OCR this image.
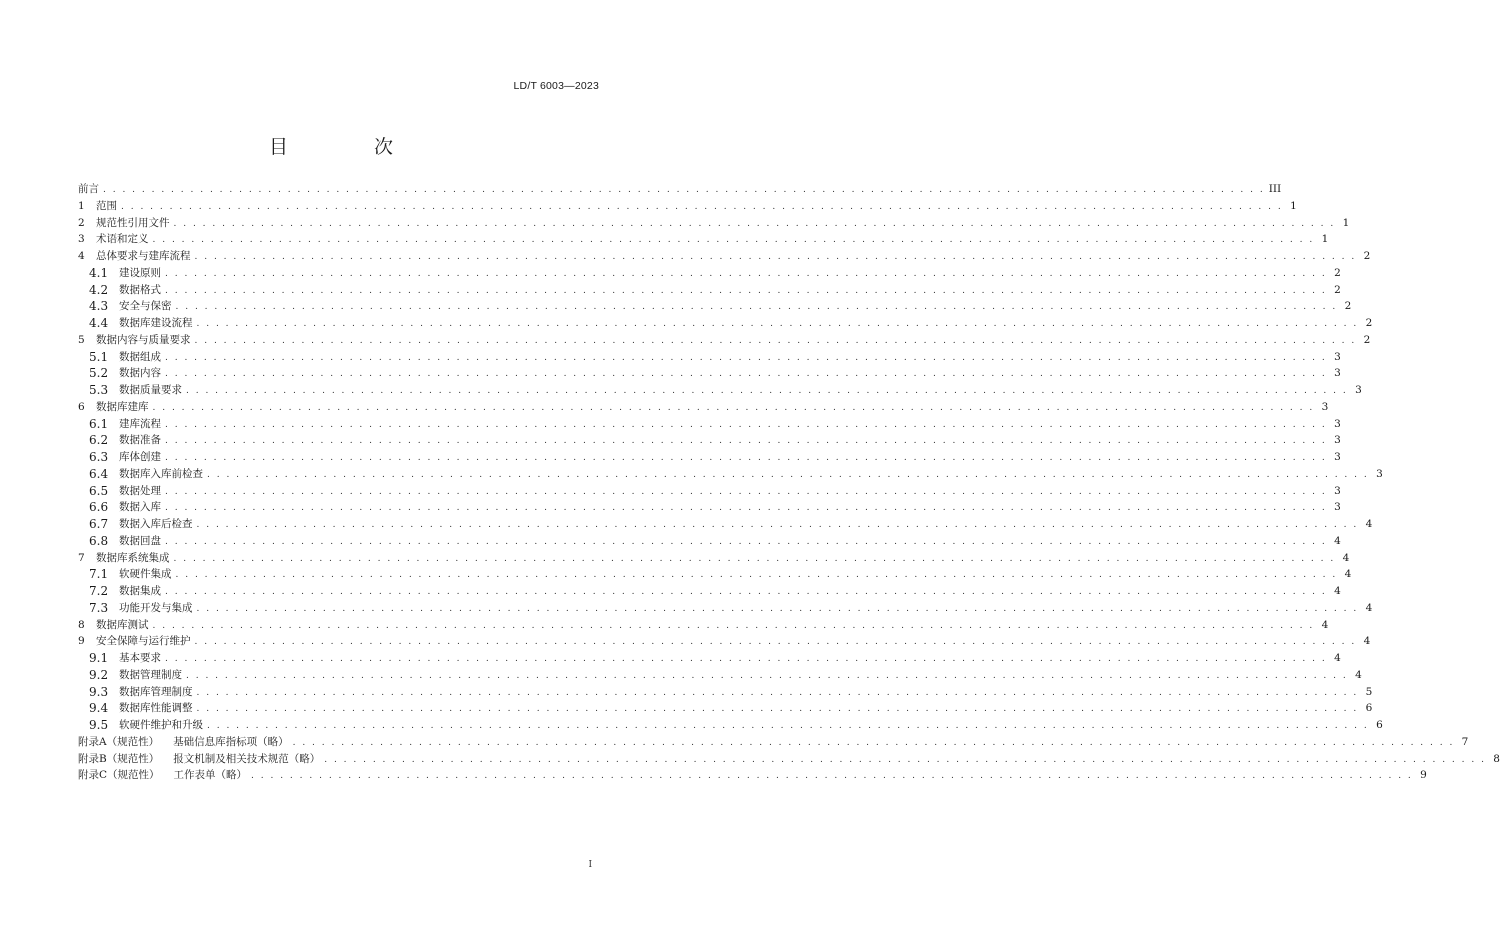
LD/T 6003—2023
目 次
前言 . . . . . . . . . . . . . . . . . . . . . . . . . . . . . . . . . . . . . . . . . . . . . . . . . . . . . . . . . . . . . . . . . . . . . . . . . . . . . . . . . . . . . . . . . . . . . . . . . . . . . . . . . . . . . . . . . . . . . . . . III
1	范围 . . . . . . . . . . . . . . . . . . . . . . . . . . . . . . . . . . . . . . . . . . . . . . . . . . . . . . . . . . . . . . . . . . . . . . . . . . . . . . . . . . . . . . . . . . . . . . . . . . . . . . . . . . . . . . . . . . . . . . . . 1
2	规范性引用文件 . . . . . . . . . . . . . . . . . . . . . . . . . . . . . . . . . . . . . . . . . . . . . . . . . . . . . . . . . . . . . . . . . . . . . . . . . . . . . . . . . . . . . . . . . . . . . . . . . . . . . . . . . . . . . . . . . . . . . . . . 1
3	术语和定义 . . . . . . . . . . . . . . . . . . . . . . . . . . . . . . . . . . . . . . . . . . . . . . . . . . . . . . . . . . . . . . . . . . . . . . . . . . . . . . . . . . . . . . . . . . . . . . . . . . . . . . . . . . . . . . . . . . . . . . . . 1
4	总体要求与建库流程 . . . . . . . . . . . . . . . . . . . . . . . . . . . . . . . . . . . . . . . . . . . . . . . . . . . . . . . . . . . . . . . . . . . . . . . . . . . . . . . . . . . . . . . . . . . . . . . . . . . . . . . . . . . . . . . . . . . . . . . . 2
4.1	建设原则 . . . . . . . . . . . . . . . . . . . . . . . . . . . . . . . . . . . . . . . . . . . . . . . . . . . . . . . . . . . . . . . . . . . . . . . . . . . . . . . . . . . . . . . . . . . . . . . . . . . . . . . . . . . . . . . . . . . . . . . . 2
4.2	数据格式 . . . . . . . . . . . . . . . . . . . . . . . . . . . . . . . . . . . . . . . . . . . . . . . . . . . . . . . . . . . . . . . . . . . . . . . . . . . . . . . . . . . . . . . . . . . . . . . . . . . . . . . . . . . . . . . . . . . . . . . . 2
4.3	安全与保密 . . . . . . . . . . . . . . . . . . . . . . . . . . . . . . . . . . . . . . . . . . . . . . . . . . . . . . . . . . . . . . . . . . . . . . . . . . . . . . . . . . . . . . . . . . . . . . . . . . . . . . . . . . . . . . . . . . . . . . . . 2
4.4	数据库建设流程 . . . . . . . . . . . . . . . . . . . . . . . . . . . . . . . . . . . . . . . . . . . . . . . . . . . . . . . . . . . . . . . . . . . . . . . . . . . . . . . . . . . . . . . . . . . . . . . . . . . . . . . . . . . . . . . . . . . . . . . . 2
5	数据内容与质量要求 . . . . . . . . . . . . . . . . . . . . . . . . . . . . . . . . . . . . . . . . . . . . . . . . . . . . . . . . . . . . . . . . . . . . . . . . . . . . . . . . . . . . . . . . . . . . . . . . . . . . . . . . . . . . . . . . . . . . . . . . 2
5.1	数据组成 . . . . . . . . . . . . . . . . . . . . . . . . . . . . . . . . . . . . . . . . . . . . . . . . . . . . . . . . . . . . . . . . . . . . . . . . . . . . . . . . . . . . . . . . . . . . . . . . . . . . . . . . . . . . . . . . . . . . . . . . 3
5.2	数据内容 . . . . . . . . . . . . . . . . . . . . . . . . . . . . . . . . . . . . . . . . . . . . . . . . . . . . . . . . . . . . . . . . . . . . . . . . . . . . . . . . . . . . . . . . . . . . . . . . . . . . . . . . . . . . . . . . . . . . . . . . 3
5.3	数据质量要求 . . . . . . . . . . . . . . . . . . . . . . . . . . . . . . . . . . . . . . . . . . . . . . . . . . . . . . . . . . . . . . . . . . . . . . . . . . . . . . . . . . . . . . . . . . . . . . . . . . . . . . . . . . . . . . . . . . . . . . . . 3
6	数据库建库 . . . . . . . . . . . . . . . . . . . . . . . . . . . . . . . . . . . . . . . . . . . . . . . . . . . . . . . . . . . . . . . . . . . . . . . . . . . . . . . . . . . . . . . . . . . . . . . . . . . . . . . . . . . . . . . . . . . . . . . . 3
6.1	建库流程 . . . . . . . . . . . . . . . . . . . . . . . . . . . . . . . . . . . . . . . . . . . . . . . . . . . . . . . . . . . . . . . . . . . . . . . . . . . . . . . . . . . . . . . . . . . . . . . . . . . . . . . . . . . . . . . . . . . . . . . . 3
6.2	数据准备 . . . . . . . . . . . . . . . . . . . . . . . . . . . . . . . . . . . . . . . . . . . . . . . . . . . . . . . . . . . . . . . . . . . . . . . . . . . . . . . . . . . . . . . . . . . . . . . . . . . . . . . . . . . . . . . . . . . . . . . . 3
6.3	库体创建 . . . . . . . . . . . . . . . . . . . . . . . . . . . . . . . . . . . . . . . . . . . . . . . . . . . . . . . . . . . . . . . . . . . . . . . . . . . . . . . . . . . . . . . . . . . . . . . . . . . . . . . . . . . . . . . . . . . . . . . . 3
6.4	数据库入库前检查 . . . . . . . . . . . . . . . . . . . . . . . . . . . . . . . . . . . . . . . . . . . . . . . . . . . . . . . . . . . . . . . . . . . . . . . . . . . . . . . . . . . . . . . . . . . . . . . . . . . . . . . . . . . . . . . . . . . . . . . . 3
6.5	数据处理 . . . . . . . . . . . . . . . . . . . . . . . . . . . . . . . . . . . . . . . . . . . . . . . . . . . . . . . . . . . . . . . . . . . . . . . . . . . . . . . . . . . . . . . . . . . . . . . . . . . . . . . . . . . . . . . . . . . . . . . . 3
6.6	数据入库 . . . . . . . . . . . . . . . . . . . . . . . . . . . . . . . . . . . . . . . . . . . . . . . . . . . . . . . . . . . . . . . . . . . . . . . . . . . . . . . . . . . . . . . . . . . . . . . . . . . . . . . . . . . . . . . . . . . . . . . . 3
6.7	数据入库后检查 . . . . . . . . . . . . . . . . . . . . . . . . . . . . . . . . . . . . . . . . . . . . . . . . . . . . . . . . . . . . . . . . . . . . . . . . . . . . . . . . . . . . . . . . . . . . . . . . . . . . . . . . . . . . . . . . . . . . . . . . 4
6.8	数据回盘 . . . . . . . . . . . . . . . . . . . . . . . . . . . . . . . . . . . . . . . . . . . . . . . . . . . . . . . . . . . . . . . . . . . . . . . . . . . . . . . . . . . . . . . . . . . . . . . . . . . . . . . . . . . . . . . . . . . . . . . . 4
7	数据库系统集成 . . . . . . . . . . . . . . . . . . . . . . . . . . . . . . . . . . . . . . . . . . . . . . . . . . . . . . . . . . . . . . . . . . . . . . . . . . . . . . . . . . . . . . . . . . . . . . . . . . . . . . . . . . . . . . . . . . . . . . . . 4
7.1	软硬件集成 . . . . . . . . . . . . . . . . . . . . . . . . . . . . . . . . . . . . . . . . . . . . . . . . . . . . . . . . . . . . . . . . . . . . . . . . . . . . . . . . . . . . . . . . . . . . . . . . . . . . . . . . . . . . . . . . . . . . . . . . 4
7.2	数据集成 . . . . . . . . . . . . . . . . . . . . . . . . . . . . . . . . . . . . . . . . . . . . . . . . . . . . . . . . . . . . . . . . . . . . . . . . . . . . . . . . . . . . . . . . . . . . . . . . . . . . . . . . . . . . . . . . . . . . . . . . 4
7.3	功能开发与集成 . . . . . . . . . . . . . . . . . . . . . . . . . . . . . . . . . . . . . . . . . . . . . . . . . . . . . . . . . . . . . . . . . . . . . . . . . . . . . . . . . . . . . . . . . . . . . . . . . . . . . . . . . . . . . . . . . . . . . . . . 4
8	数据库测试 . . . . . . . . . . . . . . . . . . . . . . . . . . . . . . . . . . . . . . . . . . . . . . . . . . . . . . . . . . . . . . . . . . . . . . . . . . . . . . . . . . . . . . . . . . . . . . . . . . . . . . . . . . . . . . . . . . . . . . . . 4
9	安全保障与运行维护 . . . . . . . . . . . . . . . . . . . . . . . . . . . . . . . . . . . . . . . . . . . . . . . . . . . . . . . . . . . . . . . . . . . . . . . . . . . . . . . . . . . . . . . . . . . . . . . . . . . . . . . . . . . . . . . . . . . . . . . . 4
9.1	基本要求 . . . . . . . . . . . . . . . . . . . . . . . . . . . . . . . . . . . . . . . . . . . . . . . . . . . . . . . . . . . . . . . . . . . . . . . . . . . . . . . . . . . . . . . . . . . . . . . . . . . . . . . . . . . . . . . . . . . . . . . . 4
9.2	数据管理制度 . . . . . . . . . . . . . . . . . . . . . . . . . . . . . . . . . . . . . . . . . . . . . . . . . . . . . . . . . . . . . . . . . . . . . . . . . . . . . . . . . . . . . . . . . . . . . . . . . . . . . . . . . . . . . . . . . . . . . . . . 4
9.3	数据库管理制度 . . . . . . . . . . . . . . . . . . . . . . . . . . . . . . . . . . . . . . . . . . . . . . . . . . . . . . . . . . . . . . . . . . . . . . . . . . . . . . . . . . . . . . . . . . . . . . . . . . . . . . . . . . . . . . . . . . . . . . . . 5
9.4	数据库性能调整 . . . . . . . . . . . . . . . . . . . . . . . . . . . . . . . . . . . . . . . . . . . . . . . . . . . . . . . . . . . . . . . . . . . . . . . . . . . . . . . . . . . . . . . . . . . . . . . . . . . . . . . . . . . . . . . . . . . . . . . . 6
9.5	软硬件维护和升级 . . . . . . . . . . . . . . . . . . . . . . . . . . . . . . . . . . . . . . . . . . . . . . . . . . . . . . . . . . . . . . . . . . . . . . . . . . . . . . . . . . . . . . . . . . . . . . . . . . . . . . . . . . . . . . . . . . . . . . . . 6
附录A（规范性） 基础信息库指标项（略） . . . . . . . . . . . . . . . . . . . . . . . . . . . . . . . . . . . . . . . . . . . . . . . . . . . . . . . . . . . . . . . . . . . . . . . . . . . . . . . . . . . . . . . . . . . . . . . . . . . . . . . . . . . . . . . . . . . . . . . . 7
附录B（规范性） 报文机制及相关技术规范（略） . . . . . . . . . . . . . . . . . . . . . . . . . . . . . . . . . . . . . . . . . . . . . . . . . . . . . . . . . . . . . . . . . . . . . . . . . . . . . . . . . . . . . . . . . . . . . . . . . . . . . . . . . . . . . . . . . . . . . . . . 8
附录C（规范性） 工作表单（略） . . . . . . . . . . . . . . . . . . . . . . . . . . . . . . . . . . . . . . . . . . . . . . . . . . . . . . . . . . . . . . . . . . . . . . . . . . . . . . . . . . . . . . . . . . . . . . . . . . . . . . . . . . . . . . . . . . . . . . . . 9
I
